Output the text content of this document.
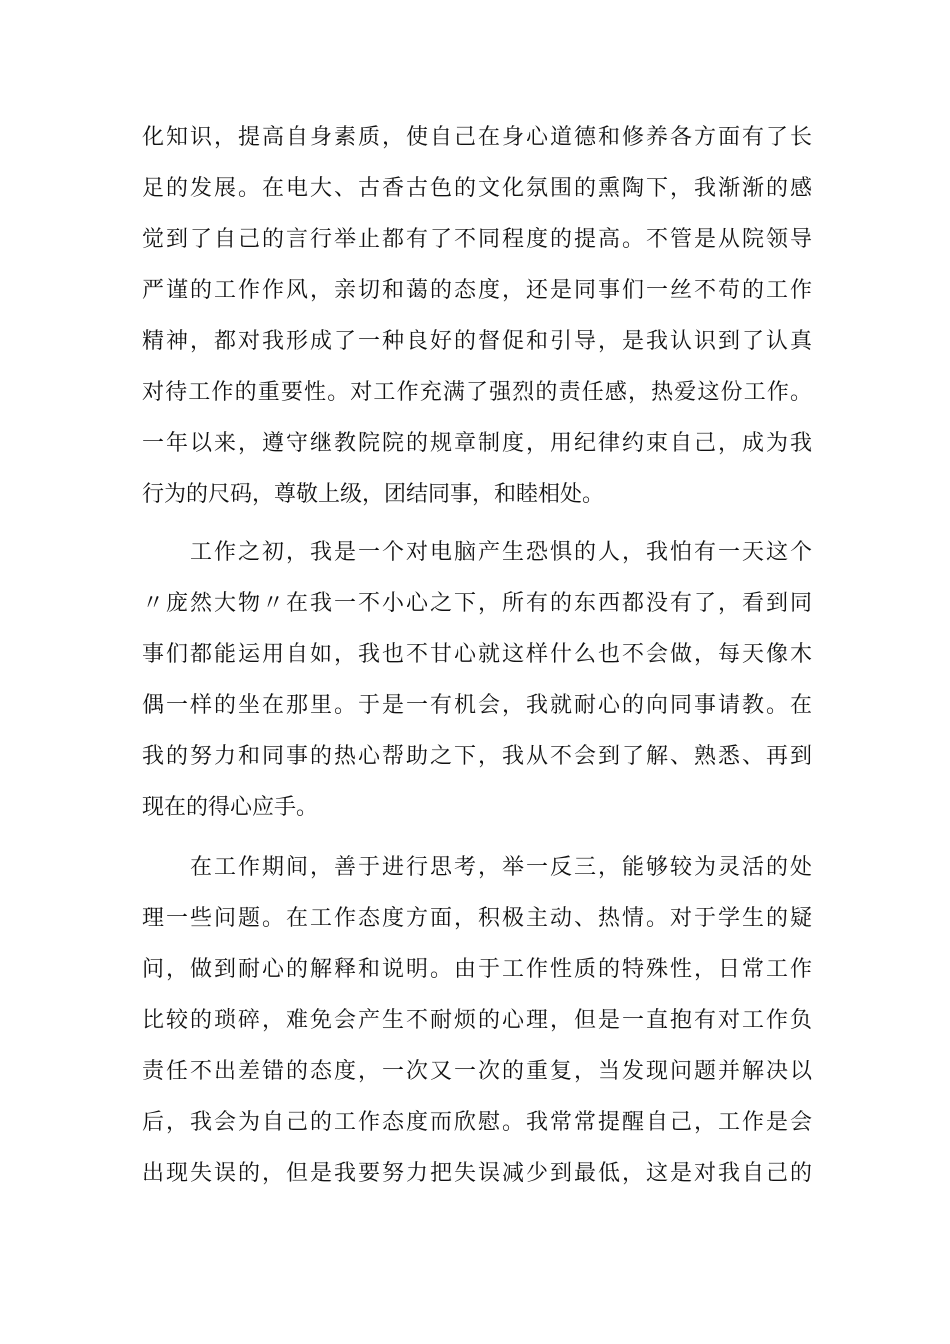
化知识，提高自身素质，使自己在身心道德和修养各方面有了长

足的发展。在电大、古香古色的文化氛围的熏陶下，我渐渐的感

觉到了自己的言行举止都有了不同程度的提高。不管是从院领导

严谨的工作作风，亲切和蔼的态度，还是同事们一丝不苟的工作

精神，都对我形成了一种良好的督促和引导，是我认识到了认真

对待工作的重要性。对工作充满了强烈的责任感，热爱这份工作。

一年以来，遵守继教院院的规章制度，用纪律约束自己，成为我

行为的尺码，尊敬上级，团结同事，和睦相处。

工作之初，我是一个对电脑产生恐惧的人，我怕有一天这个

〃庞然大物〃在我一不小心之下，所有的东西都没有了，看到同

事们都能运用自如，我也不甘心就这样什么也不会做，每天像木

偶一样的坐在那里。于是一有机会，我就耐心的向同事请教。在

我的努力和同事的热心帮助之下，我从不会到了解、熟悉、再到

现在的得心应手。

在工作期间，善于进行思考，举一反三，能够较为灵活的处

理一些问题。在工作态度方面，积极主动、热情。对于学生的疑

问，做到耐心的解释和说明。由于工作性质的特殊性，日常工作

比较的琐碎，难免会产生不耐烦的心理，但是一直抱有对工作负

责任不出差错的态度，一次又一次的重复，当发现问题并解决以

后，我会为自己的工作态度而欣慰。我常常提醒自己，工作是会

出现失误的，但是我要努力把失误减少到最低，这是对我自己的
